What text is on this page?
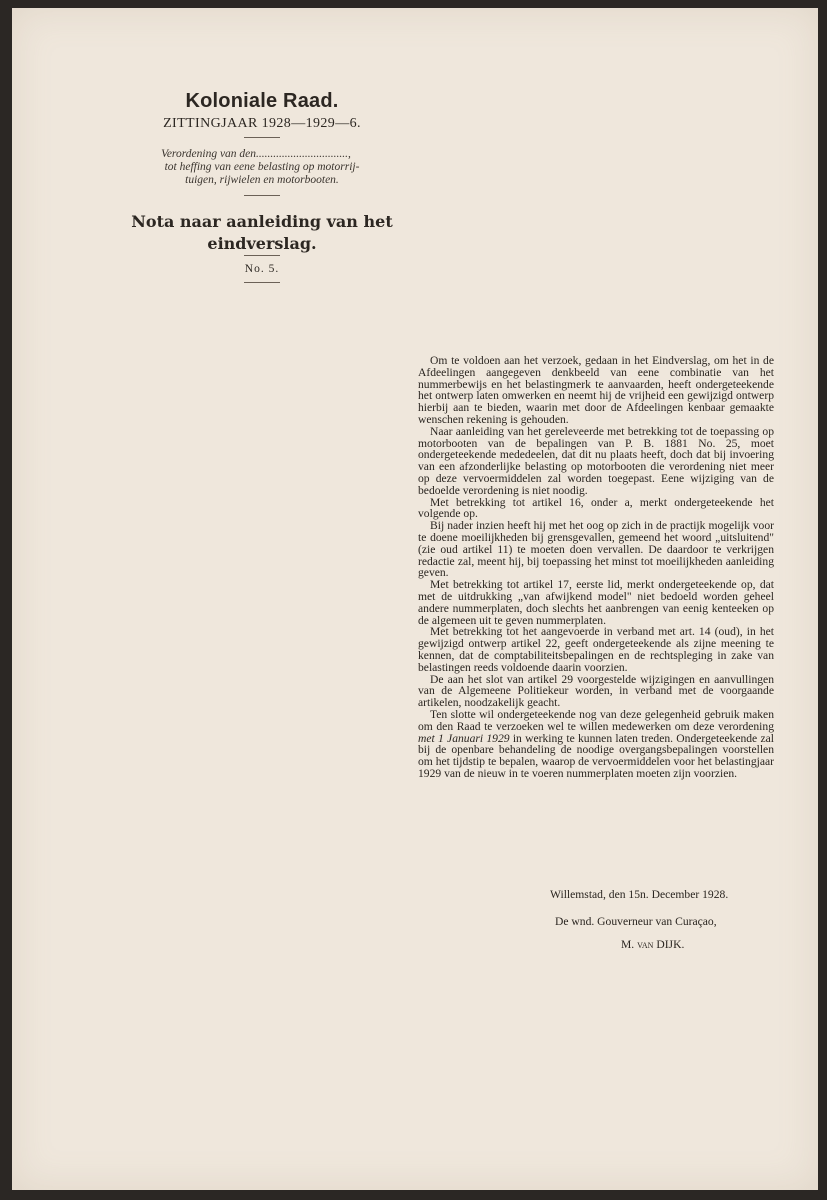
Koloniale Raad.
ZITTINGJAAR 1928—1929—6.

Verordening van den................................,

tot heffing van eene belasting op motorrij-

tuigen, rijwielen en motorbooten.

Nota naar aanleiding van het
eindverslag.
No. 5.

Om te voldoen aan het verzoek, gedaan in het Eindverslag, om het in de Afdeelingen aangegeven denkbeeld van eene combinatie van het nummerbewijs en het belastingmerk te aanvaarden, heeft ondergeteekende het ontwerp laten omwerken en neemt hij de vrijheid een gewijzigd ontwerp hierbij aan te bieden, waarin met door de Afdeelingen kenbaar gemaakte wenschen rekening is gehouden.

Naar aanleiding van het gereleveerde met betrekking tot de toepassing op motorbooten van de bepalingen van P. B. 1881 No. 25, moet ondergeteekende mededeelen, dat dit nu plaats heeft, doch dat bij invoering van een afzonderlijke belasting op motorbooten die verordening niet meer op deze vervoermiddelen zal worden toegepast. Eene wijziging van de bedoelde verordening is niet noodig.

Met betrekking tot artikel 16, onder a, merkt ondergeteekende het volgende op.

Bij nader inzien heeft hij met het oog op zich in de practijk mogelijk voor te doene moeilijkheden bij grensgevallen, gemeend het woord „uitsluitend" (zie oud artikel 11) te moeten doen vervallen. De daardoor te verkrijgen redactie zal, meent hij, bij toepassing het minst tot moeilijkheden aanleiding geven.

Met betrekking tot artikel 17, eerste lid, merkt ondergeteekende op, dat met de uitdrukking „van afwijkend model" niet bedoeld worden geheel andere nummerplaten, doch slechts het aanbrengen van eenig kenteeken op de algemeen uit te geven nummerplaten.

Met betrekking tot het aangevoerde in verband met art. 14 (oud), in het gewijzigd ontwerp artikel 22, geeft ondergeteekende als zijne meening te kennen, dat de comptabiliteitsbepalingen en de rechtspleging in zake van belastingen reeds voldoende daarin voorzien.

De aan het slot van artikel 29 voorgestelde wijzigingen en aanvullingen van de Algemeene Politiekeur worden, in verband met de voorgaande artikelen, noodzakelijk geacht.

Ten slotte wil ondergeteekende nog van deze gelegenheid gebruik maken om den Raad te verzoeken wel te willen medewerken om deze verordening met 1 Januari 1929 in werking te kunnen laten treden. Ondergeteekende zal bij de openbare behandeling de noodige overgangsbepalingen voorstellen om het tijdstip te bepalen, waarop de vervoermiddelen voor het belastingjaar 1929 van de nieuw in te voeren nummerplaten moeten zijn voorzien.

Willemstad, den 15n. December 1928.
De wnd. Gouverneur van Curaçao,
M. van DIJK.
